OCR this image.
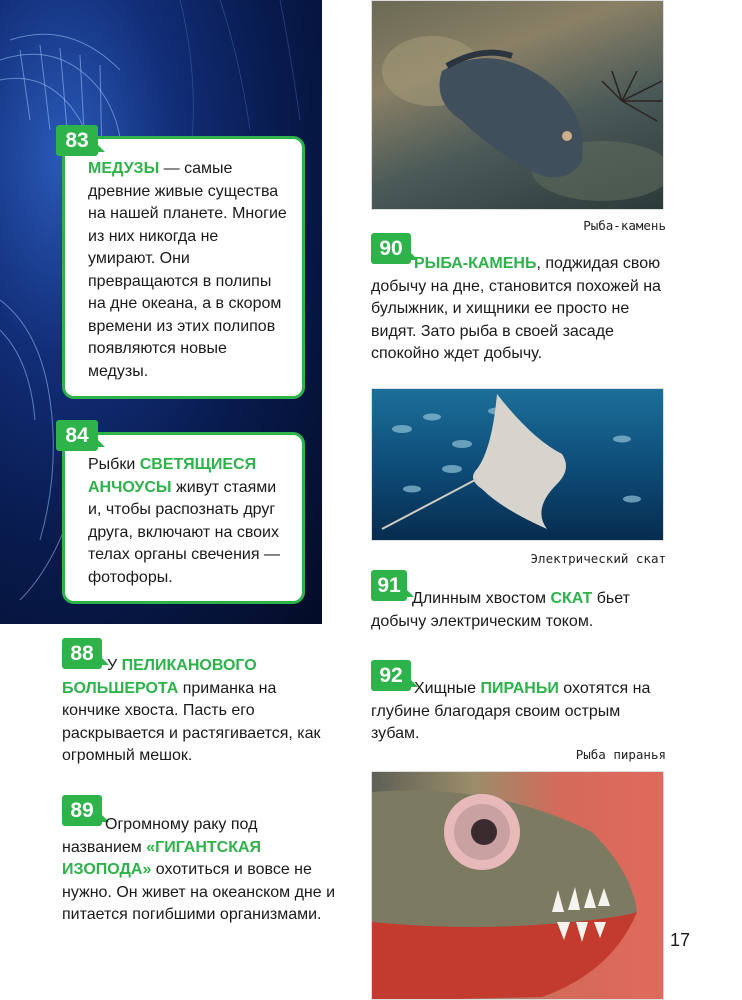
МЕДУЗЫ — самые древние живые существа на нашей планете. Многие из них никогда не умирают. Они превращаются в полипы на дне океана, а в скором времени из этих полипов появляются новые медузы.
83
Рыбки СВЕТЯЩИЕСЯ АНЧОУСЫ живут стаями и, чтобы распознать друг друга, включают на своих телах органы свечения — фотофоры.
84
88
У ПЕЛИКАНОВОГО БОЛЬШЕРОТА приманка на кончике хвоста. Пасть его раскрывается и растягивается, как огромный мешок.
89
Огромному раку под названием «ГИГАНТСКАЯ ИЗОПОДА» охотиться и вовсе не нужно. Он живет на океанском дне и питается погибшими организмами.
Рыба-камень
90
РЫБА-КАМЕНЬ, поджидая свою добычу на дне, становится похожей на булыжник, и хищники ее просто не видят. Зато рыба в своей засаде спокойно ждет добычу.
Электрический скат
91
Длинным хвостом СКАТ бьет добычу электрическим током.
92
Хищные ПИРАНЬИ охотятся на глубине благодаря своим острым зубам.
Рыба пиранья
17
